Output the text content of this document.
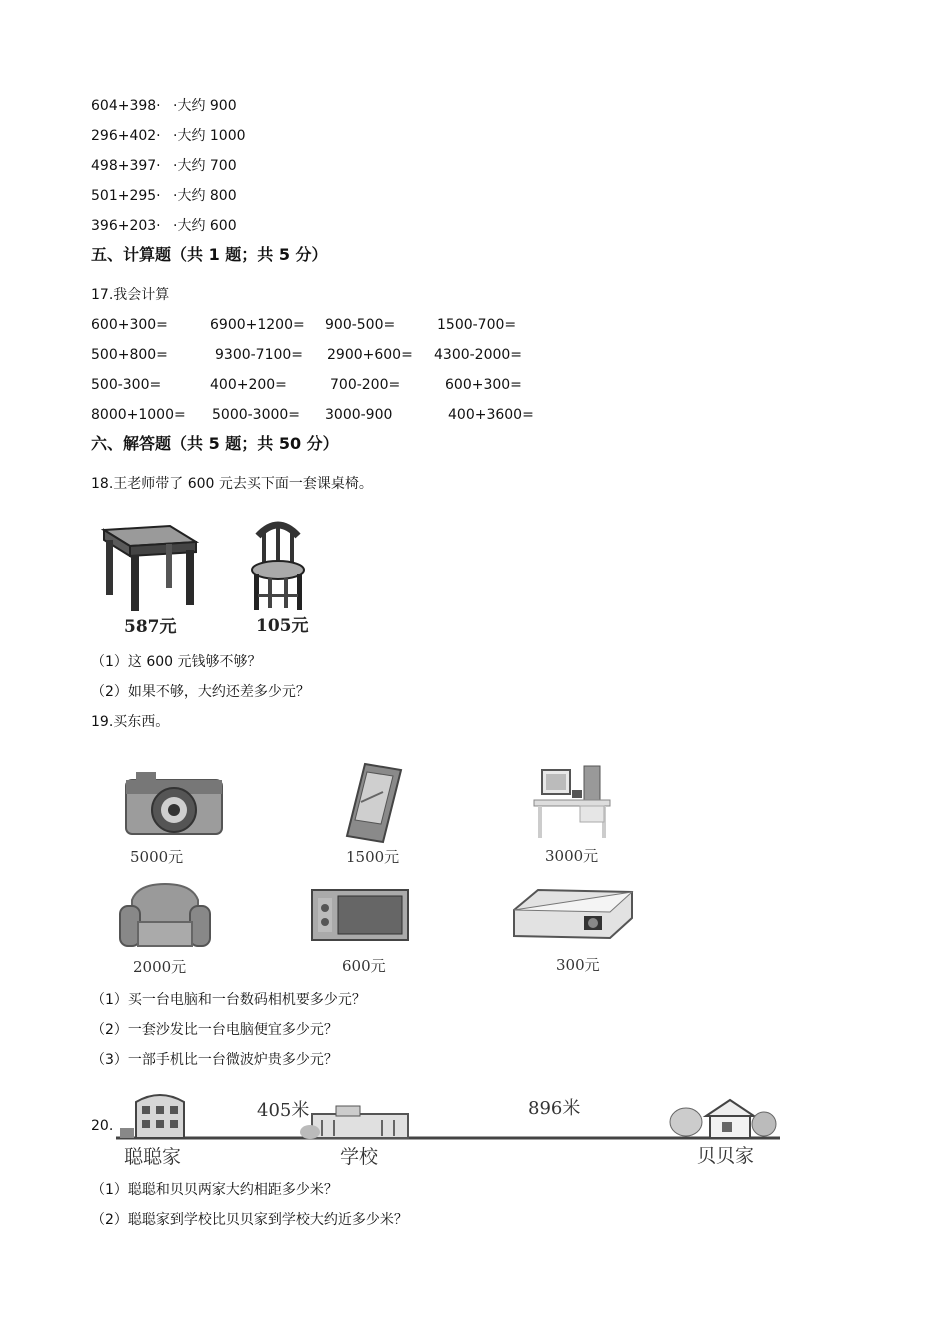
604+398· ·大约 900
296+402· ·大约 1000
498+397· ·大约 700
501+295· ·大约 800
396+203· ·大约 600
五、计算题（共 1 题；共 5 分）
17.我会计算
600+300=	6900+1200= 900-500=	1500-700=
500+800=	9300-7100= 2900+600= 4300-2000=
500-300=	400+200=	700-200=	600+300=
8000+1000= 5000-3000= 3000-900	400+3600=
六、解答题（共 5 题；共 50 分）
18.王老师带了 600 元去买下面一套课桌椅。
587元	105元
（1）这 600 元钱够不够？
（2）如果不够，大约还差多少元？
19.买东西。
5000元	1500元	3000元
2000元	600元	300元
（1）买一台电脑和一台数码相机要多少元？
（2）一套沙发比一台电脑便宜多少元？
（3）一部手机比一台微波炉贵多少元？
20.
405米	896米
聪聪家	学校	贝贝家
（1）聪聪和贝贝两家大约相距多少米？
（2）聪聪家到学校比贝贝家到学校大约近多少米？
